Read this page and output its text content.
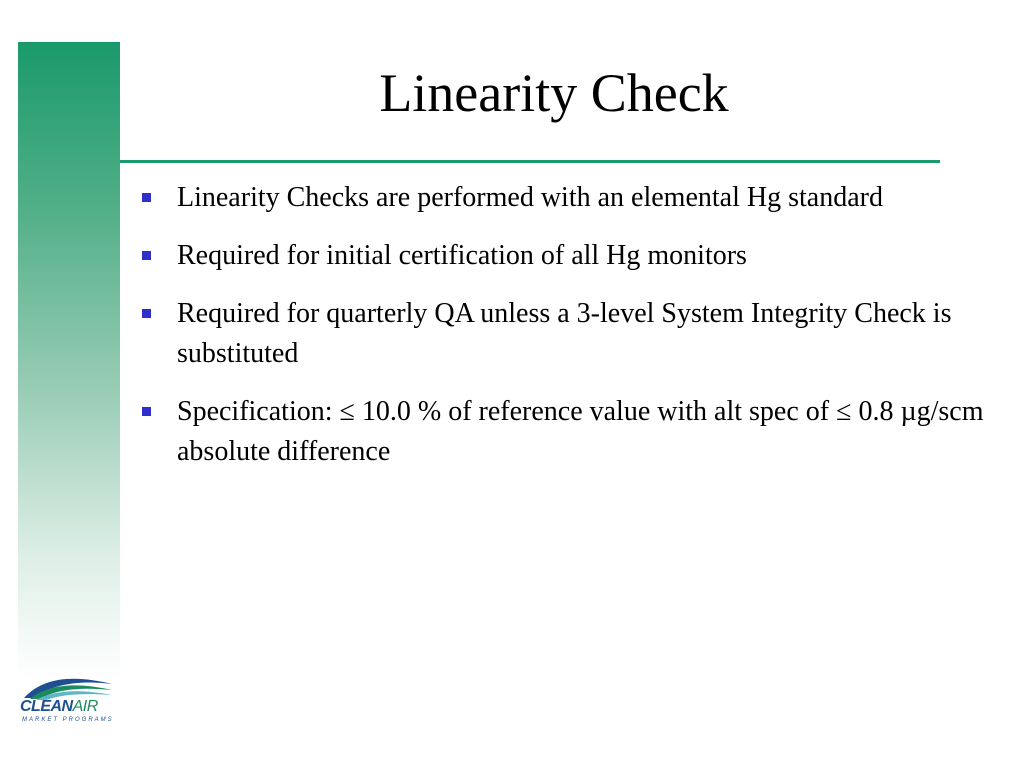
Linearity Check
Linearity Checks are performed with an elemental Hg standard
Required for initial certification of all Hg monitors
Required for quarterly QA unless a 3-level System Integrity Check is substituted
Specification: ≤ 10.0 % of reference value with alt spec of ≤ 0.8 µg/scm absolute difference
CLEANAIR
MARKET PROGRAMS
